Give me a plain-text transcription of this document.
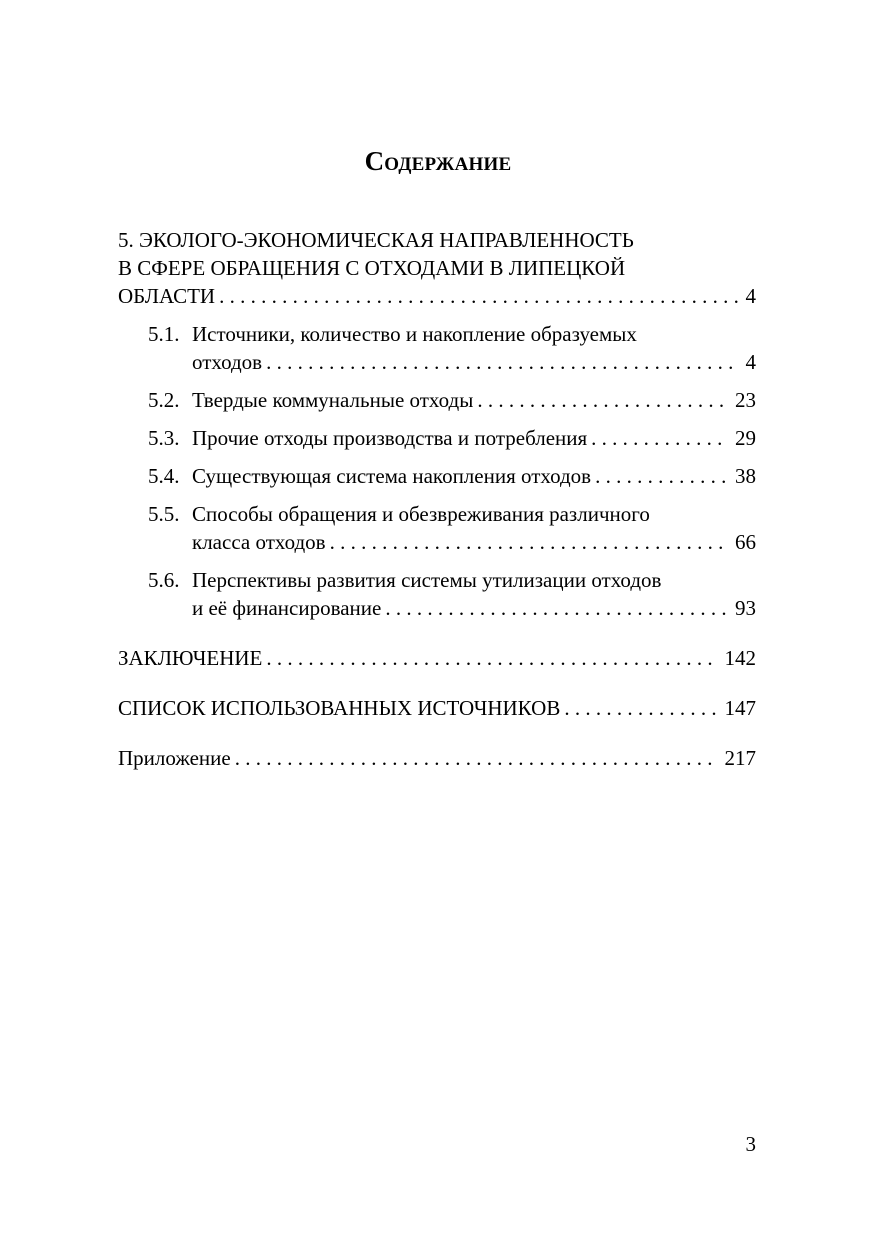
Содержание
5. ЭКОЛОГО-ЭКОНОМИЧЕСКАЯ НАПРАВЛЕННОСТЬ
В СФЕРЕ ОБРАЩЕНИЯ С ОТХОДАМИ В ЛИПЕЦКОЙ
ОБЛАСТИ . . .	4
5.1. Источники, количество и накопление образуемых
отходов . . .	4
5.2. Твердые коммунальные отходы . . .	23
5.3. Прочие отходы производства и потребления . . .	29
5.4. Существующая система накопления отходов . . .	38
5.5. Способы обращения и обезвреживания различного
класса отходов . . .	66
5.6. Перспективы развития системы утилизации отходов
и её финансирование . . .	93
ЗАКЛЮЧЕНИЕ . . .	142
СПИСОК ИСПОЛЬЗОВАННЫХ ИСТОЧНИКОВ . . .	147
Приложение . . .	217
3
